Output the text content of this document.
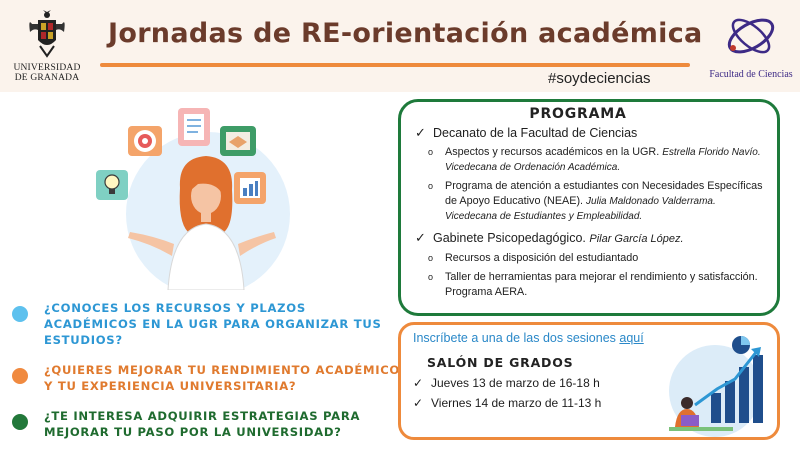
UNIVERSIDAD
DE GRANADA
Jornadas de RE-orientación académica
#soydeciencias	Facultad de Ciencias
¿CONOCES LOS RECURSOS Y PLAZOS ACADÉMICOS EN LA UGR PARA ORGANIZAR TUS ESTUDIOS?
¿QUIERES MEJORAR TU RENDIMIENTO ACADÉMICO Y TU EXPERIENCIA UNIVERSITARIA?
¿TE INTERESA ADQUIRIR ESTRATEGIAS PARA MEJORAR TU PASO POR LA UNIVERSIDAD?
PROGRAMA
✓ Decanato de la Facultad de Ciencias
o Aspectos y recursos académicos en la UGR. Estrella Florido Navío. Vicedecana de Ordenación Académica.
o Programa de atención a estudiantes con Necesidades Específicas de Apoyo Educativo (NEAE). Julia Maldonado Valderrama. Vicedecana de Estudiantes y Empleabilidad.
✓ Gabinete Psicopedagógico. Pilar García López.
o Recursos a disposición del estudiantado
o Taller de herramientas para mejorar el rendimiento y satisfacción. Programa AERA.
Inscríbete a una de las dos sesiones aquí
SALÓN DE GRADOS
✓ Jueves 13 de marzo de 16-18 h
✓ Viernes 14 de marzo de 11-13 h
